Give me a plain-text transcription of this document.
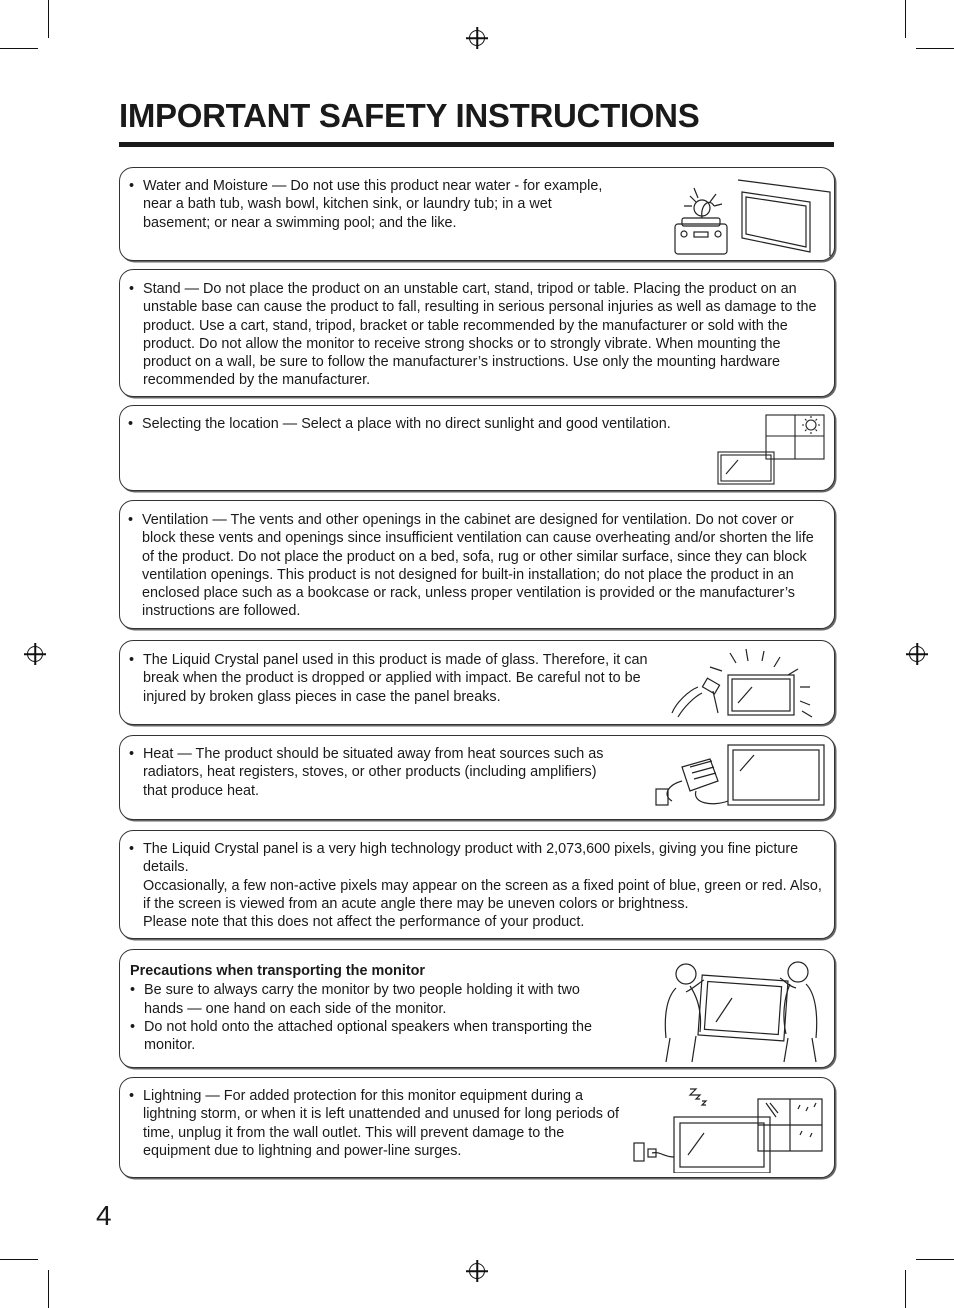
IMPORTANT SAFETY INSTRUCTIONS
• Water and Moisture — Do not use this product near water - for example, near a bath tub, wash bowl, kitchen sink, or laundry tub; in a wet basement; or near a swimming pool; and the like.
• Stand — Do not place the product on an unstable cart, stand, tripod or table. Placing the product on an unstable base can cause the product to fall, resulting in serious personal injuries as well as damage to the product. Use a cart, stand, tripod, bracket or table recommended by the manufacturer or sold with the product. Do not allow the monitor to receive strong shocks or to strongly vibrate. When mounting the product on a wall, be sure to follow the manufacturer’s instructions. Use only the mounting hardware recommended by the manufacturer.
• Selecting the location — Select a place with no direct sunlight and good ventilation.
• Ventilation — The vents and other openings in the cabinet are designed for ventilation. Do not cover or block these vents and openings since insufficient ventilation can cause overheating and/or shorten the life of the product. Do not place the product on a bed, sofa, rug or other similar surface, since they can block ventilation openings. This product is not designed for built-in installation; do not place the product in an enclosed place such as a bookcase or rack, unless proper ventilation is provided or the manufacturer’s instructions are followed.
• The Liquid Crystal panel used in this product is made of glass. Therefore, it can break when the product is dropped or applied with impact. Be careful not to be injured by broken glass pieces in case the panel breaks.
• Heat — The product should be situated away from heat sources such as radiators, heat registers, stoves, or other products (including amplifiers) that produce heat.
• The Liquid Crystal panel is a very high technology product with 2,073,600 pixels, giving you fine picture details.
Occasionally, a few non-active pixels may appear on the screen as a fixed point of blue, green or red. Also, if the screen is viewed from an acute angle there may be uneven colors or brightness.
Please note that this does not affect the performance of your product.

Precautions when transporting the monitor

• Be sure to always carry the monitor by two people holding it with two hands — one hand on each side of the monitor.
• Do not hold onto the attached optional speakers when transporting the monitor.
• Lightning — For added protection for this monitor equipment during a lightning storm, or when it is left unattended and unused for long periods of time, unplug it from the wall outlet. This will prevent damage to the equipment due to lightning and power-line surges.
4
